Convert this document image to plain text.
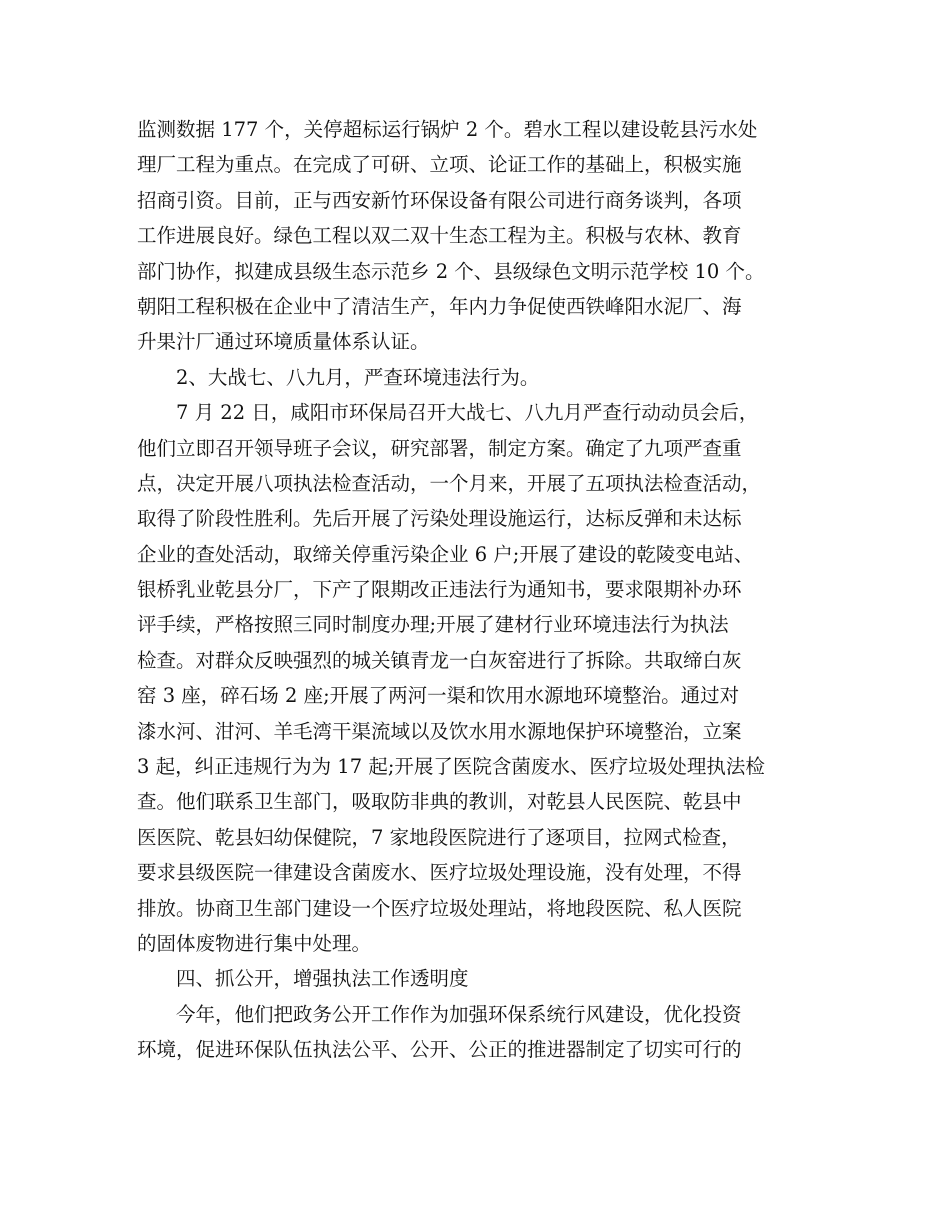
监测数据 177 个，关停超标运行锅炉 2 个。碧水工程以建设乾县污水处
理厂工程为重点。在完成了可研、立项、论证工作的基础上，积极实施
招商引资。目前，正与西安新竹环保设备有限公司进行商务谈判，各项
工作进展良好。绿色工程以双二双十生态工程为主。积极与农林、教育
部门协作，拟建成县级生态示范乡 2 个、县级绿色文明示范学校 10 个。
朝阳工程积极在企业中了清洁生产，年内力争促使西铁峰阳水泥厂、海
升果汁厂通过环境质量体系认证。
　　2、大战七、八九月，严查环境违法行为。
　　7 月 22 日，咸阳市环保局召开大战七、八九月严查行动动员会后，
他们立即召开领导班子会议，研究部署，制定方案。确定了九项严查重
点，决定开展八项执法检查活动，一个月来，开展了五项执法检查活动，
取得了阶段性胜利。先后开展了污染处理设施运行，达标反弹和未达标
企业的查处活动，取缔关停重污染企业 6 户;开展了建设的乾陵变电站、
银桥乳业乾县分厂，下产了限期改正违法行为通知书，要求限期补办环
评手续，严格按照三同时制度办理;开展了建材行业环境违法行为执法
检查。对群众反映强烈的城关镇青龙一白灰窑进行了拆除。共取缔白灰
窑 3 座，碎石场 2 座;开展了两河一渠和饮用水源地环境整治。通过对
漆水河、泔河、羊毛湾干渠流域以及饮水用水源地保护环境整治，立案
3 起，纠正违规行为为 17 起;开展了医院含菌废水、医疗垃圾处理执法检
查。他们联系卫生部门，吸取防非典的教训，对乾县人民医院、乾县中
医医院、乾县妇幼保健院，7 家地段医院进行了逐项目，拉网式检查，
要求县级医院一律建设含菌废水、医疗垃圾处理设施，没有处理，不得
排放。协商卫生部门建设一个医疗垃圾处理站，将地段医院、私人医院
的固体废物进行集中处理。
　　四、抓公开，增强执法工作透明度
　　今年，他们把政务公开工作作为加强环保系统行风建设，优化投资
环境，促进环保队伍执法公平、公开、公正的推进器制定了切实可行的
